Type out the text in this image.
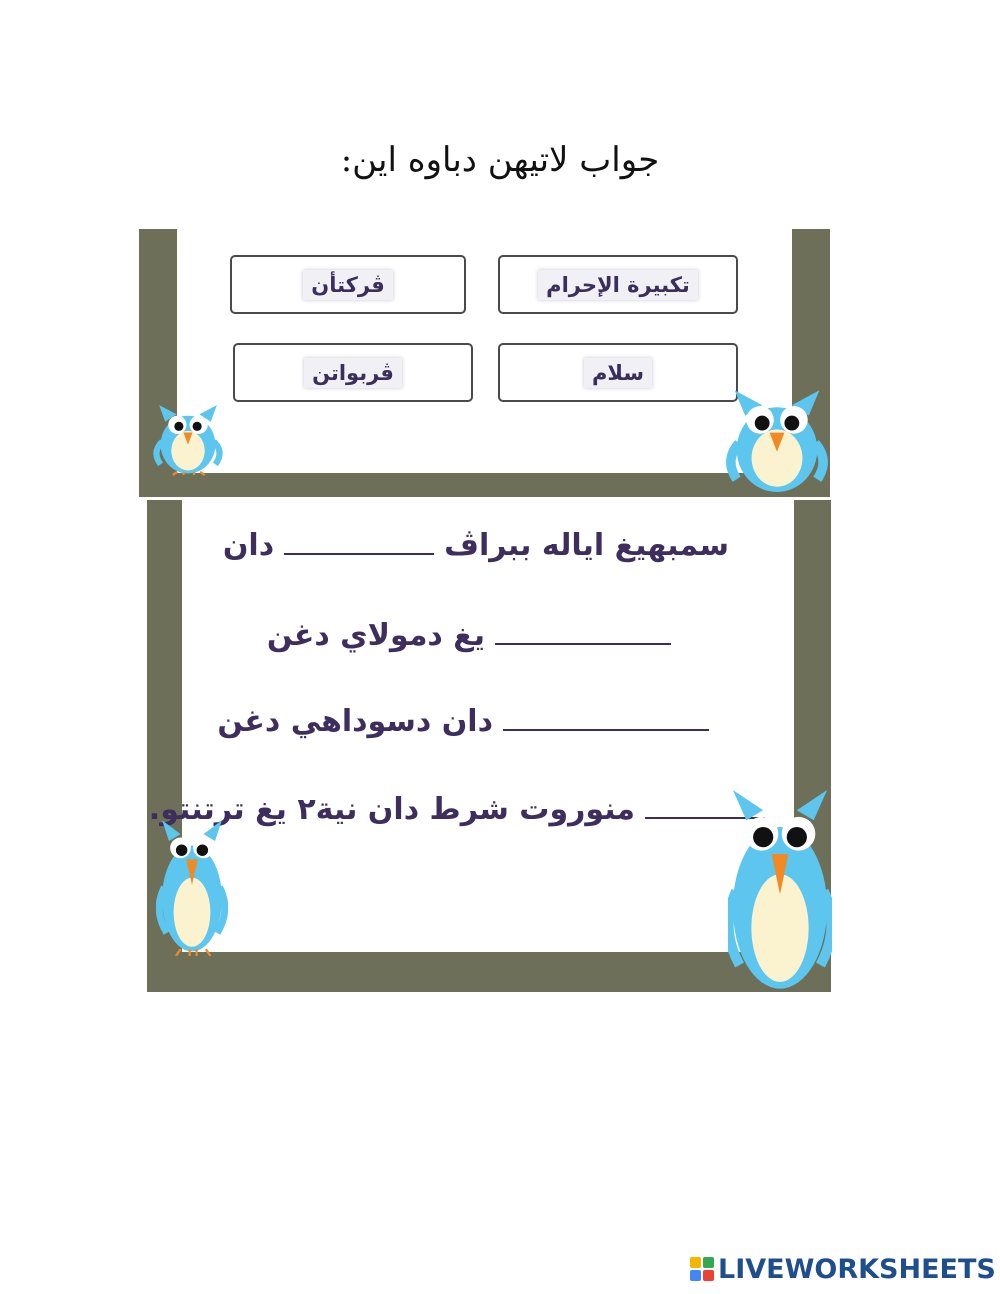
جواب لاتيهن دباوه اين:
تكبيرة الإحرام
ڤركتأن
سلام
ڤربواتن
سمبهيغ اياله ببراڤ
دان
يغ دمولاي دغن
دان دسوداهي دغن
منوروت شرط دان نية٢ يغ ترتنتو.
LIVEWORKSHEETS
